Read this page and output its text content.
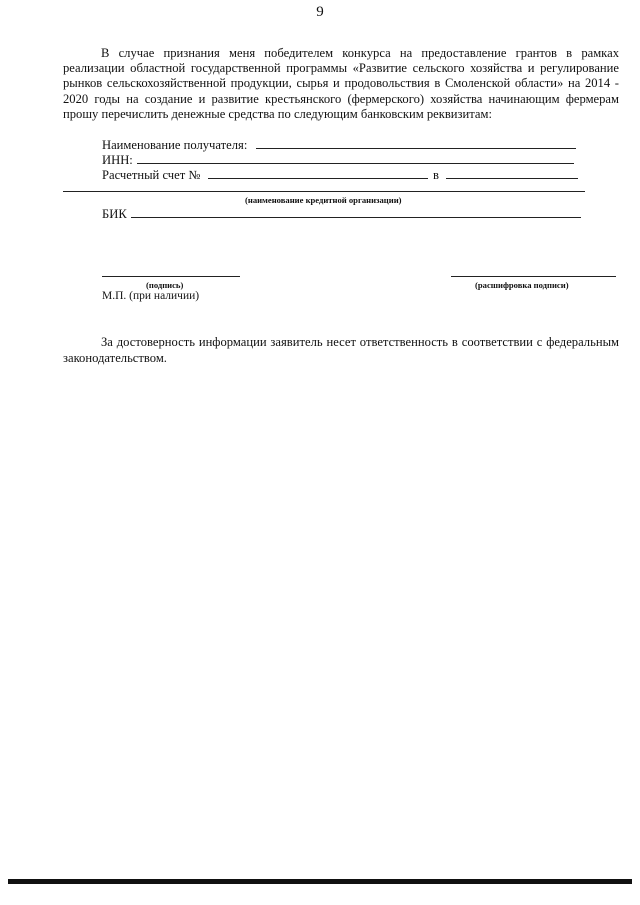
9
В случае признания меня победителем конкурса на предоставление грантов в рамках реализации областной государственной программы «Развитие сельского хозяйства и регулирование рынков сельскохозяйственной продукции, сырья и продовольствия в Смоленской области» на 2014 - 2020 годы на создание и развитие крестьянского (фермерского) хозяйства начинающим фермерам прошу перечислить денежные средства по следующим банковским реквизитам:
Наименование получателя:
ИНН:
Расчетный счет №	в
(наименование кредитной организации)
БИК
(подпись)	(расшифровка подписи)
М.П. (при наличии)
За достоверность информации заявитель несет ответственность в соответствии с федеральным законодательством.
